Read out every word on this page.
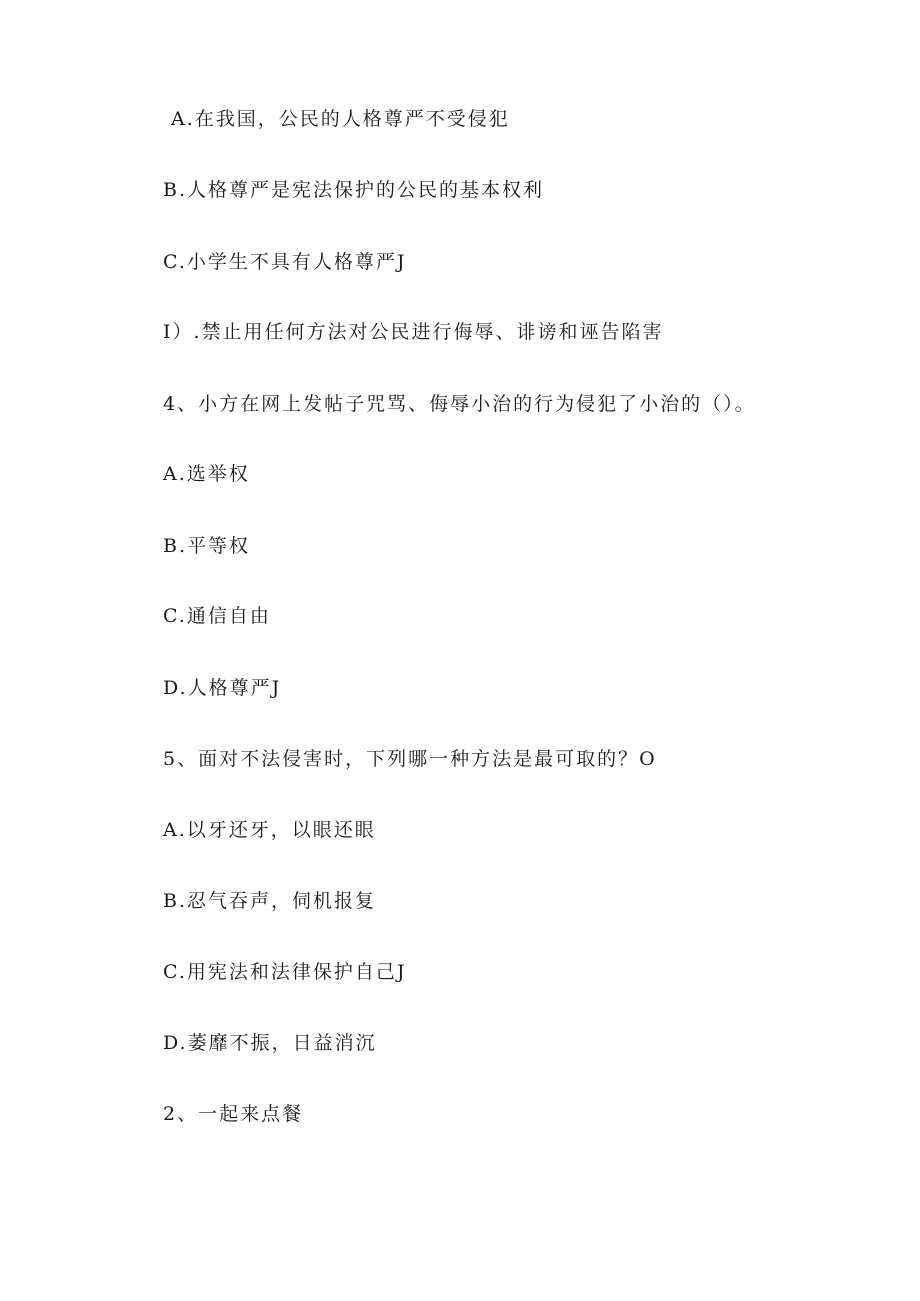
A.在我国，公民的人格尊严不受侵犯
B.人格尊严是宪法保护的公民的基本权利
C.小学生不具有人格尊严J
I）.禁止用任何方法对公民进行侮辱、诽谤和诬告陷害
4、小方在网上发帖子咒骂、侮辱小治的行为侵犯了小治的（）。
A.选举权
B.平等权
C.通信自由
D.人格尊严J
5、面对不法侵害时，下列哪一种方法是最可取的？O
A.以牙还牙，以眼还眼
B.忍气吞声，伺机报复
C.用宪法和法律保护自己J
D.萎靡不振，日益消沉
2、一起来点餐
